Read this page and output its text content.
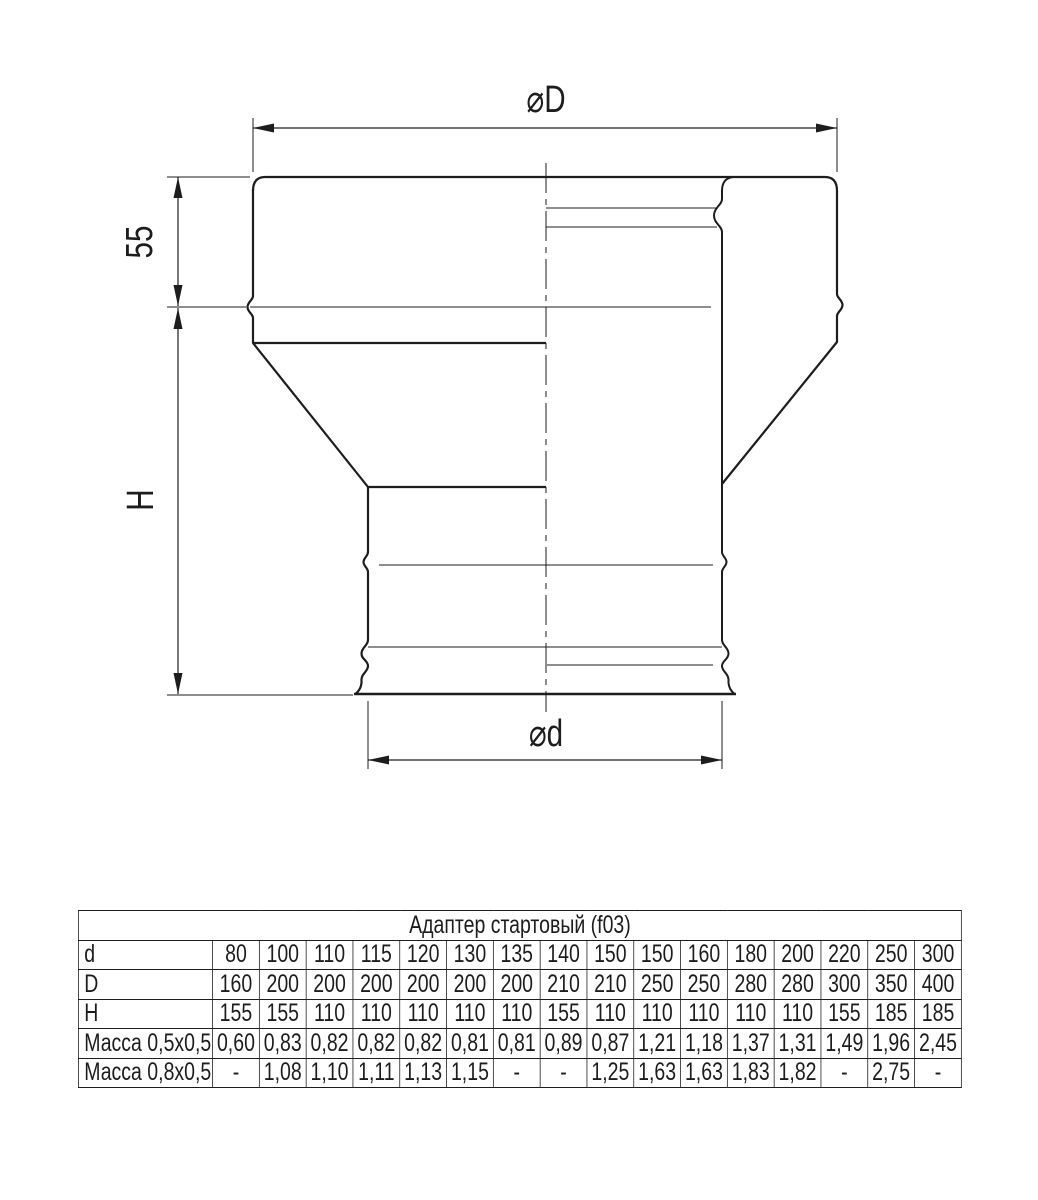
⌀D
⌀d
55
H
Адаптер стартовый (f03)																
d	80	100	110	115	120	130	135	140	150	150	160	180	200	220	250	300
D	160	200	200	200	200	200	200	210	210	250	250	280	280	300	350	400
H	155	155	110	110	110	110	110	155	110	110	110	110	110	155	185	185
Масса 0,5x0,5	0,60	0,83	0,82	0,82	0,82	0,81	0,81	0,89	0,87	1,21	1,18	1,37	1,31	1,49	1,96	2,45
Масса 0,8x0,5	-	1,08	1,10	1,11	1,13	1,15	-	-	1,25	1,63	1,63	1,83	1,82	-	2,75	-
